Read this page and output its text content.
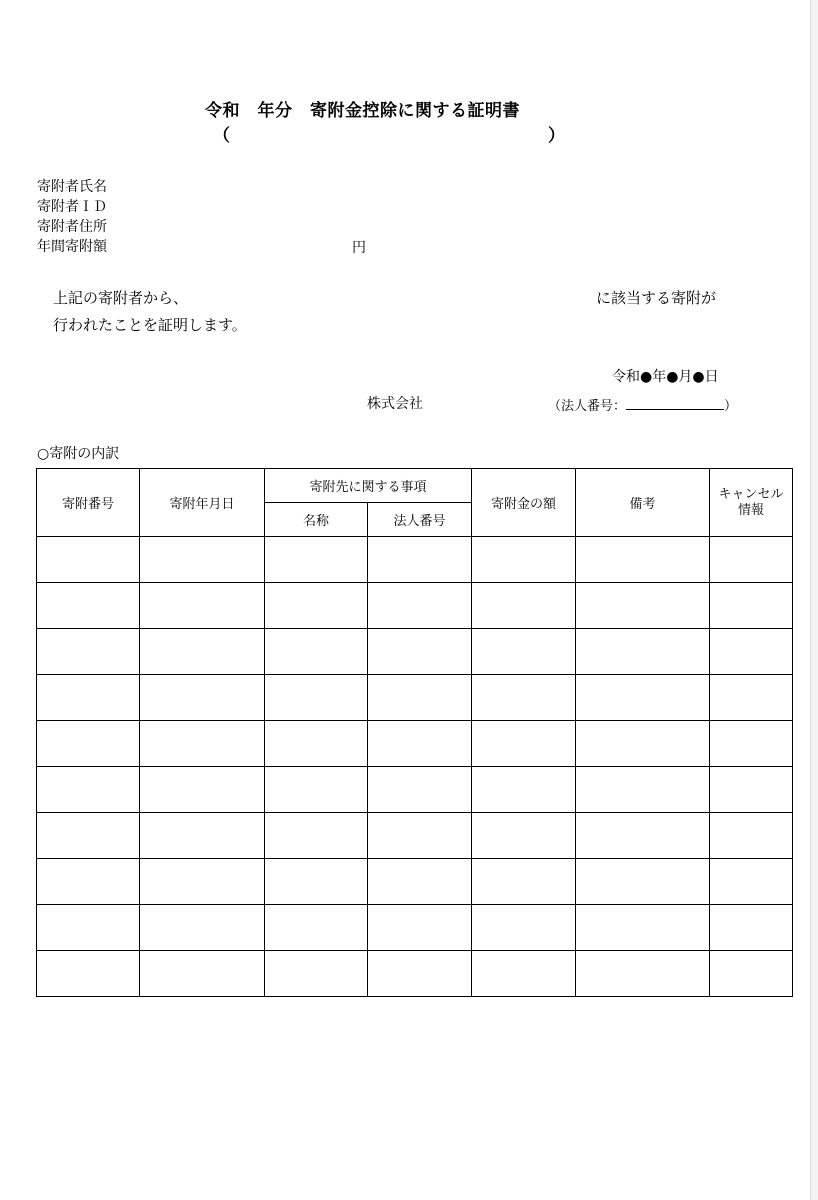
令和　年分　寄附金控除に関する証明書
（	）
寄附者氏名
寄附者ＩＤ
寄附者住所
年間寄附額	円
上記の寄附者から、	に該当する寄附が
行われたことを証明します。
令和●年●月●日
株式会社	（法人番号：	）
○寄附の内訳
寄附番号	寄附年月日	寄附先に関する事項		寄附金の額	備考	キャンセル
情報

		名称	法人番号			
